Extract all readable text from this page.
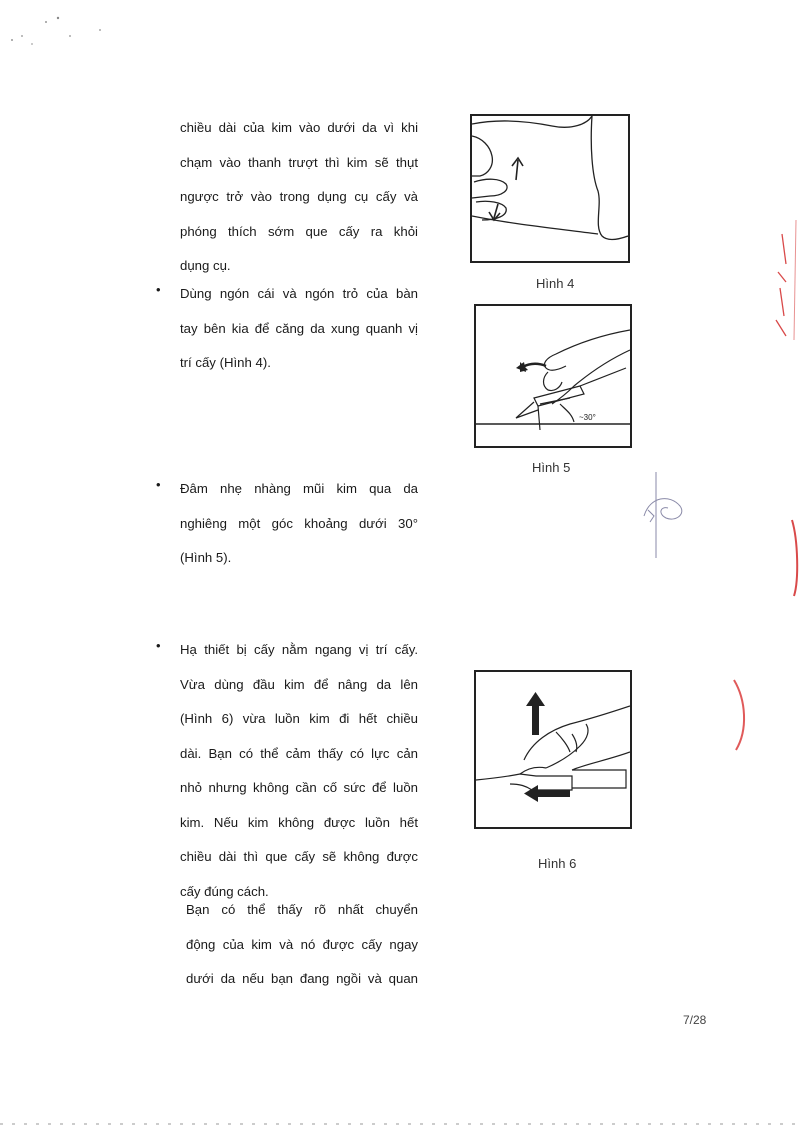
chiều dài của kim vào dưới da vì khi
chạm vào thanh trượt thì kim sẽ thụt
ngược trở vào trong dụng cụ cấy và
phóng thích sớm que cấy ra khỏi
dụng cụ.
• Dùng ngón cái và ngón trỏ của bàn
tay bên kia để căng da xung quanh vị
trí cấy (Hình 4).
• Đâm nhẹ nhàng mũi kim qua da
nghiêng một góc khoảng dưới 30°
(Hình 5).
• Hạ thiết bị cấy nằm ngang vị trí cấy.
Vừa dùng đầu kim để nâng da lên
(Hình 6) vừa luồn kim đi hết chiều
dài. Bạn có thể cảm thấy có lực cản
nhỏ nhưng không cần cố sức để luồn
kim. Nếu kim không được luồn hết
chiều dài thì que cấy sẽ không được
cấy đúng cách.
Bạn có thể thấy rõ nhất chuyển
động của kim và nó được cấy ngay
dưới da nếu bạn đang ngồi và quan
Hình 4
~30°
Hình 5
Hình 6
7/28
